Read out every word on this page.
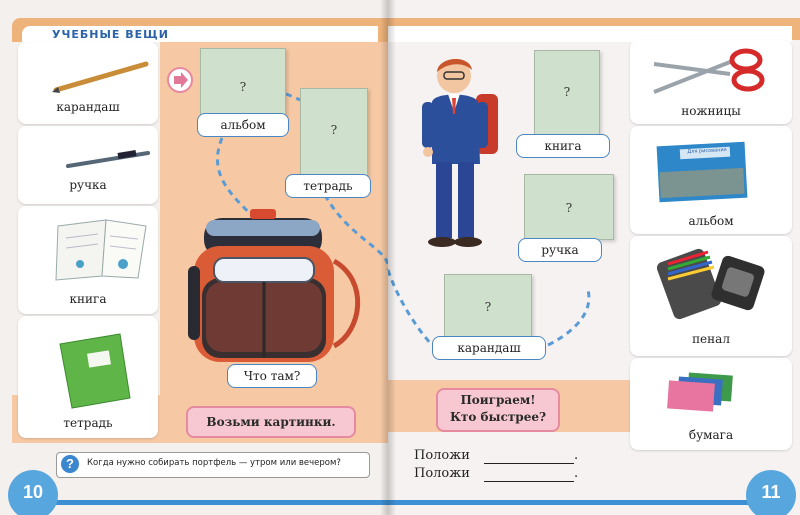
УЧЕБНЫЕ ВЕЩИ
карандаш
ручка
книга
тетрадь
?
альбом	?
тетрадь
Что там?
Возьми картинки.
?	Когда нужно собирать портфель — утром или вечером?
10
?
книга
?
ручка
?
карандаш
Поиграем!
Кто быстрее?
Положи	.
Положи	.
ножницы
Для рисования
альбом
пенал
бумага
11
